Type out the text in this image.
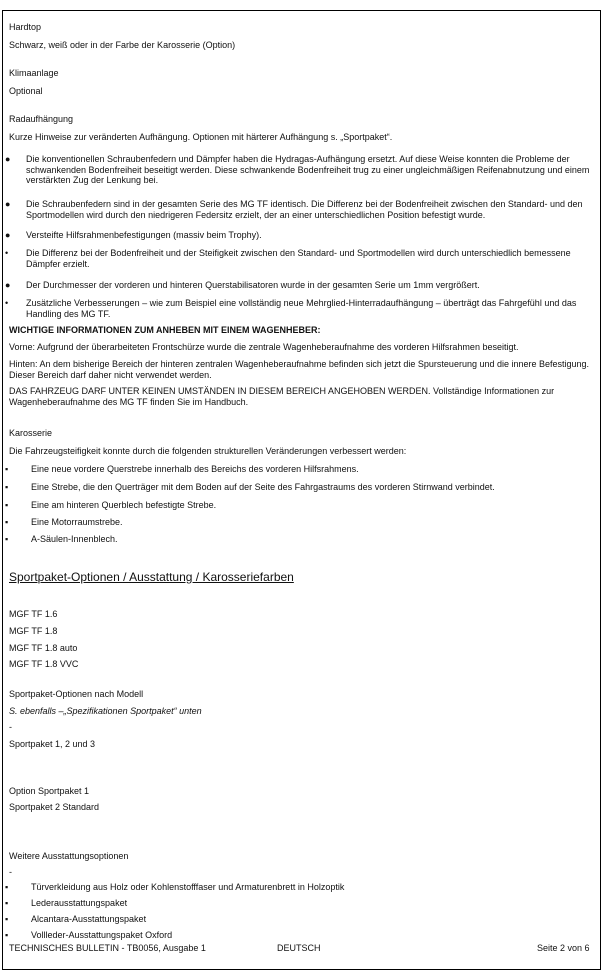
Hardtop
Schwarz, weiß oder in der Farbe der Karosserie (Option)
Klimaanlage
Optional
Radaufhängung
Kurze Hinweise zur veränderten Aufhängung. Optionen mit härterer Aufhängung s. „Sportpaket“.
● Die konventionellen Schraubenfedern und Dämpfer haben die Hydragas-Aufhängung ersetzt. Auf diese Weise konnten die Probleme der schwankenden Bodenfreiheit beseitigt werden. Diese schwankende Bodenfreiheit trug zu einer ungleichmäßigen Reifenabnutzung und einem verstärkten Zug der Lenkung bei.
● Die Schraubenfedern sind in der gesamten Serie des MG TF identisch. Die Differenz bei der Bodenfreiheit zwischen den Standard- und den Sportmodellen wird durch den niedrigeren Federsitz erzielt, der an einer unterschiedlichen Position befestigt wurde.
● Versteifte Hilfsrahmenbefestigungen (massiv beim Trophy).
• Die Differenz bei der Bodenfreiheit und der Steifigkeit zwischen den Standard- und Sportmodellen wird durch unterschiedlich bemessene Dämpfer erzielt.
● Der Durchmesser der vorderen und hinteren Querstabilisatoren wurde in der gesamten Serie um 1mm vergrößert.
• Zusätzliche Verbesserungen – wie zum Beispiel eine vollständig neue Mehrglied-Hinterradaufhängung – überträgt das Fahrgefühl und das Handling des MG TF.
WICHTIGE INFORMATIONEN ZUM ANHEBEN MIT EINEM WAGENHEBER:
Vorne: Aufgrund der überarbeiteten Frontschürze wurde die zentrale Wagenheberaufnahme des vorderen Hilfsrahmen beseitigt.
Hinten: An dem bisherige Bereich der hinteren zentralen Wagenheberaufnahme befinden sich jetzt die Spursteuerung und die innere Befestigung. Dieser Bereich darf daher nicht verwendet werden.
DAS FAHRZEUG DARF UNTER KEINEN UMSTÄNDEN IN DIESEM BEREICH ANGEHOBEN WERDEN. Vollständige Informationen zur Wagenheberaufnahme des MG TF finden Sie im Handbuch.
Karosserie
Die Fahrzeugsteifigkeit konnte durch die folgenden strukturellen Veränderungen verbessert werden:
▪	Eine neue vordere Querstrebe innerhalb des Bereichs des vorderen Hilfsrahmens.
▪	Eine Strebe, die den Querträger mit dem Boden auf der Seite des Fahrgastraums des vorderen Stirnwand verbindet.
▪	Eine am hinteren Querblech befestigte Strebe.
▪	Eine Motorraumstrebe.
▪	A-Säulen-Innenblech.
Sportpaket-Optionen / Ausstattung / Karosseriefarben
MGF TF 1.6
MGF TF 1.8
MGF TF 1.8 auto
MGF TF 1.8 VVC
Sportpaket-Optionen nach Modell
S. ebenfalls –„Spezifikationen Sportpaket“ unten
-
Sportpaket 1, 2 und 3
Option Sportpaket 1
Sportpaket 2 Standard
Weitere Ausstattungsoptionen
-
▪	Türverkleidung aus Holz oder Kohlenstofffaser und Armaturenbrett in Holzoptik
▪	Lederausstattungspaket
▪	Alcantara-Ausstattungspaket
▪	Vollleder-Ausstattungspaket Oxford
TECHNISCHES BULLETIN - TB0056, Ausgabe 1	DEUTSCH	Seite 2 von 6
